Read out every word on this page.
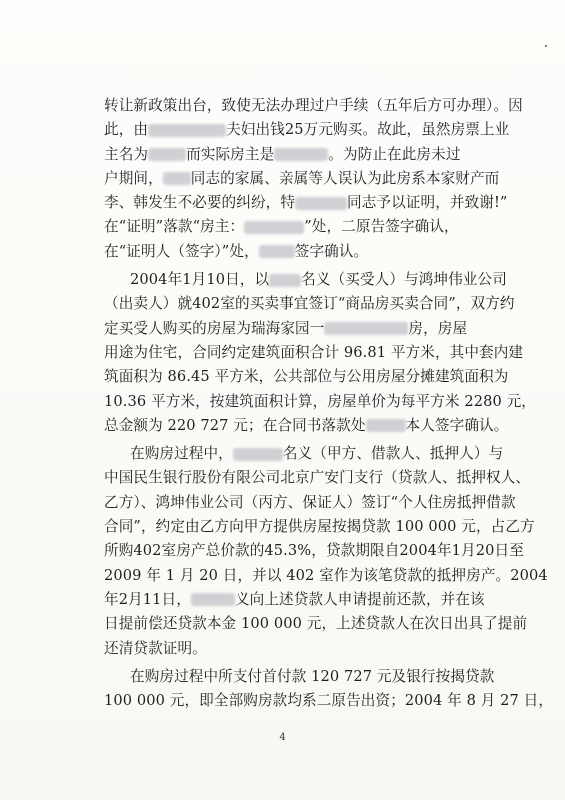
转让新政策出台，致使无法办理过户手续（五年后方可办理）。因
此，由	夫妇出钱25万元购买。故此，虽然房票上业
主名为	而实际房主是	。为防止在此房未过
户期间， 同志的家属、亲属等人误认为此房系本家财产而
李、韩发生不必要的纠纷，特	同志予以证明，并致谢!”
在“证明”落款“房主：	”处，二原告签字确认，
在“证明人（签字）”处， 签字确认。
2004年1月10日，以 名义（买受人）与鸿坤伟业公司
（出卖人）就402室的买卖事宜签订“商品房买卖合同”，双方约
定买受人购买的房屋为瑞海家园一	房，房屋
用途为住宅，合同约定建筑面积合计 96.81 平方米，其中套内建
筑面积为 86.45 平方米，公共部位与公用房屋分摊建筑面积为
10.36 平方米，按建筑面积计算，房屋单价为每平方米 2280 元，
总金额为 220 727 元；在合同书落款处	本人签字确认。
在购房过程中，	名义（甲方、借款人、抵押人）与
中国民生银行股份有限公司北京广安门支行（贷款人、抵押权人、
乙方）、鸿坤伟业公司（丙方、保证人）签订“个人住房抵押借款
合同”，约定由乙方向甲方提供房屋按揭贷款 100 000 元，占乙方
所购402室房产总价款的45.3%，贷款期限自2004年1月20日至
2009 年 1 月 20 日，并以 402 室作为该笔贷款的抵押房产。2004
年2月11日，	义向上述贷款人申请提前还款，并在该
日提前偿还贷款本金 100 000 元，上述贷款人在次日出具了提前
还清贷款证明。
在购房过程中所支付首付款 120 727 元及银行按揭贷款
100 000 元，即全部购房款均系二原告出资；2004 年 8 月 27 日，
4
